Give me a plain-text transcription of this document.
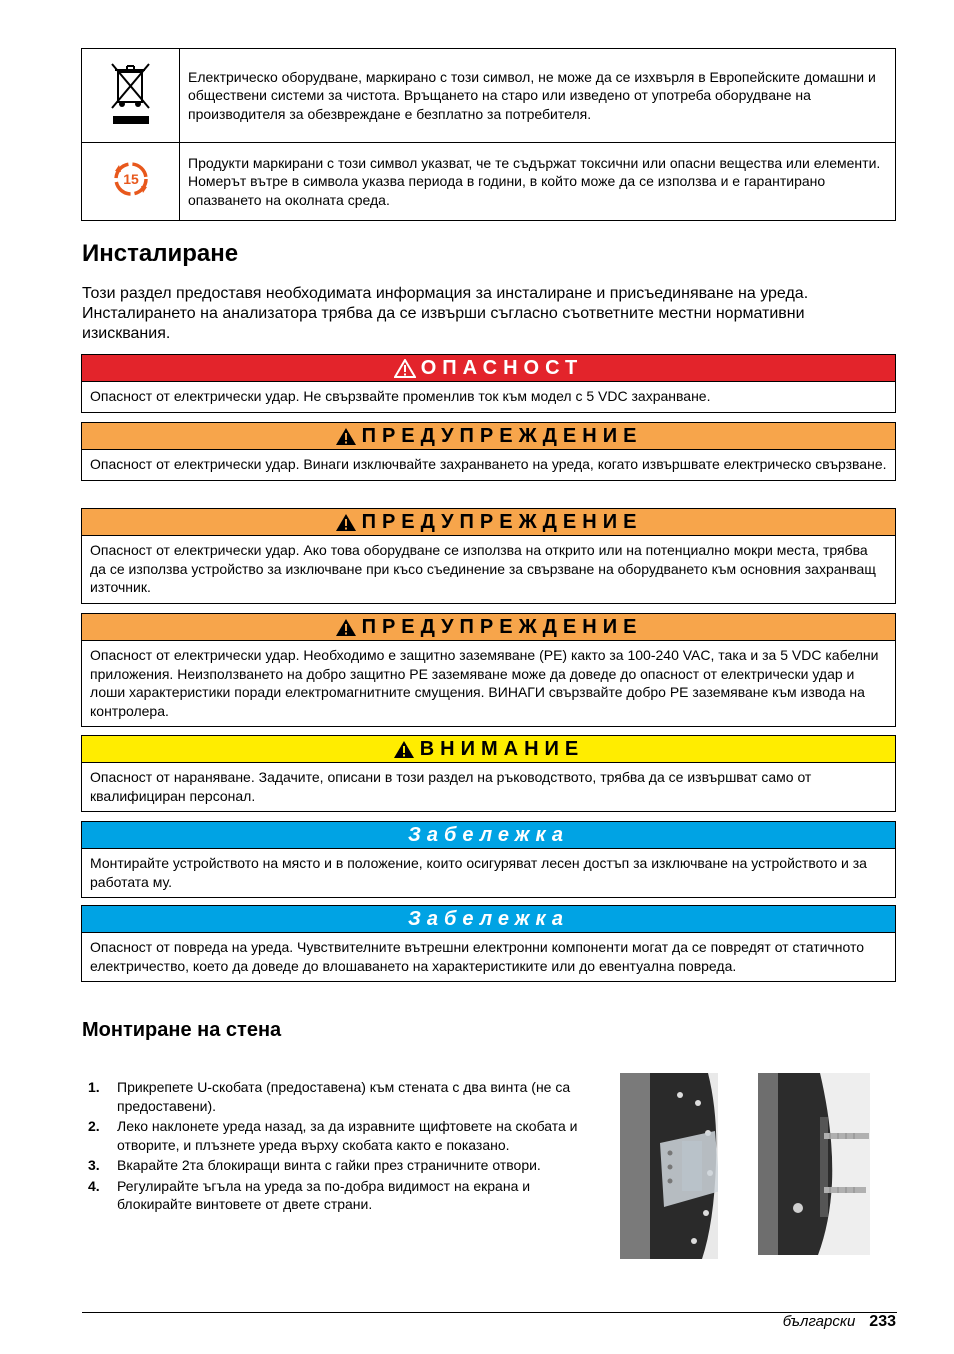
	Електрическо оборудване, маркирано с този символ, не може да се изхвърля в Европейските домашни и обществени системи за чистота. Връщането на старо или изведено от употреба оборудване на производителя за обезвреждане е безплатно за потребителя.

15	Продукти маркирани с този символ указват, че те съдържат токсични или опасни вещества или елементи. Номерът вътре в символа указва периода в години, в който може да се използва и е гарантирано опазването на околната среда.
Инсталиране

Този раздел предоставя необходимата информация за инсталиране и присъединяване на уреда. Инсталирането на анализатора трябва да се извърши съгласно съответните местни нормативни изисквания.

ОПАСНОСТ
Опасност от електрически удар. Не свързвайте променлив ток към модел с 5 VDC захранване.
ПРЕДУПРЕЖДЕНИЕ
Опасност от електрически удар. Винаги изключвайте захранването на уреда, когато извършвате електрическо свързване.
ПРЕДУПРЕЖДЕНИЕ
Опасност от електрически удар. Ако това оборудване се използва на открито или на потенциално мокри места, трябва да се използва устройство за изключване при късо съединение за свързване на оборудването към основния захранващ източник.
ПРЕДУПРЕЖДЕНИЕ
Опасност от електрически удар. Необходимо е защитно заземяване (PE) както за 100-240 VAC, така и за 5 VDC кабелни приложения. Неизползването на добро защитно PE заземяване може да доведе до опасност от електрически удар и лоши характеристики поради електромагнитните смущения. ВИНАГИ свързвайте добро PE заземяване към извода на контролера.
ВНИМАНИЕ
Опасност от нараняване. Задачите, описани в този раздел на ръководството, трябва да се извършват само от квалифициран персонал.
Забележка
Монтирайте устройството на място и в положение, които осигуряват лесен достъп за изключване на устройството и за работата му.
Забележка
Опасност от повреда на уреда. Чувствителните вътрешни електронни компоненти могат да се повредят от статичното електричество, което да доведе до влошаването на характеристиките или до евентуална повреда.
Монтиране на стена
1.	Прикрепете U-скобата (предоставена) към стената с два винта (не са предоставени).
2.	Леко наклонете уреда назад, за да изравните щифтовете на скобата и отворите, и плъзнете уреда върху скобата както е показано.
3.	Вкарайте 2та блокиращи винта с гайки през страничните отвори.
4.	Регулирайте ъгъла на уреда за по-добра видимост на екрана и блокирайте винтовете от двете страни.
български 233
